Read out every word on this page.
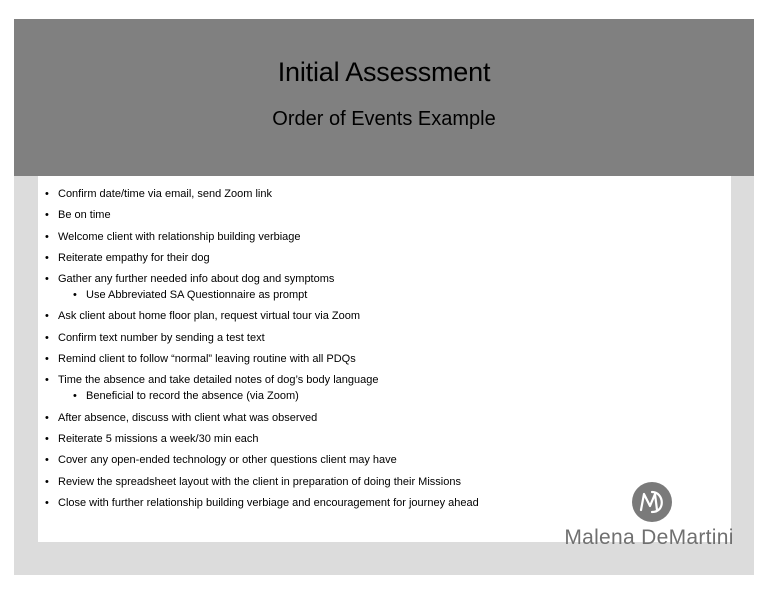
Initial Assessment
Order of Events Example
• Confirm date/time via email, send Zoom link
• Be on time
• Welcome client with relationship building verbiage
• Reiterate empathy for their dog
• Gather any further needed info about dog and symptoms
• Use Abbreviated SA Questionnaire as prompt
• Ask client about home floor plan, request virtual tour via Zoom
• Confirm text number by sending a test text
• Remind client to follow “normal” leaving routine with all PDQs
• Time the absence and take detailed notes of dog’s body language
• Beneficial to record the absence (via Zoom)
• After absence, discuss with client what was observed
• Reiterate 5 missions a week/30 min each
• Cover any open-ended technology or other questions client may have
• Review the spreadsheet layout with the client in preparation of doing their Missions
• Close with further relationship building verbiage and encouragement for journey ahead
Malena DeMartini
